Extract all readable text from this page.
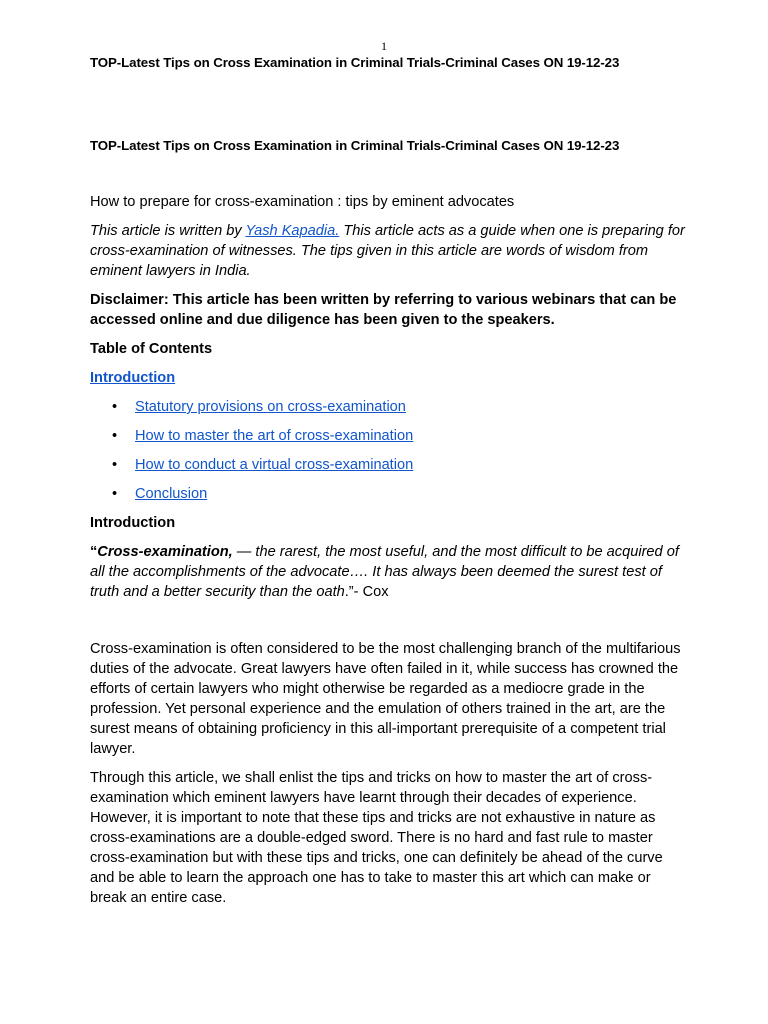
1
TOP-Latest Tips on Cross Examination in Criminal Trials-Criminal Cases ON 19-12-23

TOP-Latest Tips on Cross Examination in Criminal Trials-Criminal Cases ON 19-12-23

How to prepare for cross-examination : tips by eminent advocates

This article is written by Yash Kapadia. This article acts as a guide when one is preparing for cross-examination of witnesses. The tips given in this article are words of wisdom from eminent lawyers in India.

Disclaimer: This article has been written by referring to various webinars that can be accessed online and due diligence has been given to the speakers.

Table of Contents

Introduction

• Statutory provisions on cross-examination
• How to master the art of cross-examination
• How to conduct a virtual cross-examination
• Conclusion

Introduction

“Cross-examination, — the rarest, the most useful, and the most difficult to be acquired of all the accomplishments of the advocate…. It has always been deemed the surest test of truth and a better security than the oath.”- Cox

Cross-examination is often considered to be the most challenging branch of the multifarious duties of the advocate. Great lawyers have often failed in it, while success has crowned the efforts of certain lawyers who might otherwise be regarded as a mediocre grade in the profession. Yet personal experience and the emulation of others trained in the art, are the surest means of obtaining proficiency in this all-important prerequisite of a competent trial lawyer.

Through this article, we shall enlist the tips and tricks on how to master the art of cross-examination which eminent lawyers have learnt through their decades of experience. However, it is important to note that these tips and tricks are not exhaustive in nature as cross-examinations are a double-edged sword. There is no hard and fast rule to master cross-examination but with these tips and tricks, one can definitely be ahead of the curve and be able to learn the approach one has to take to master this art which can make or break an entire case.
